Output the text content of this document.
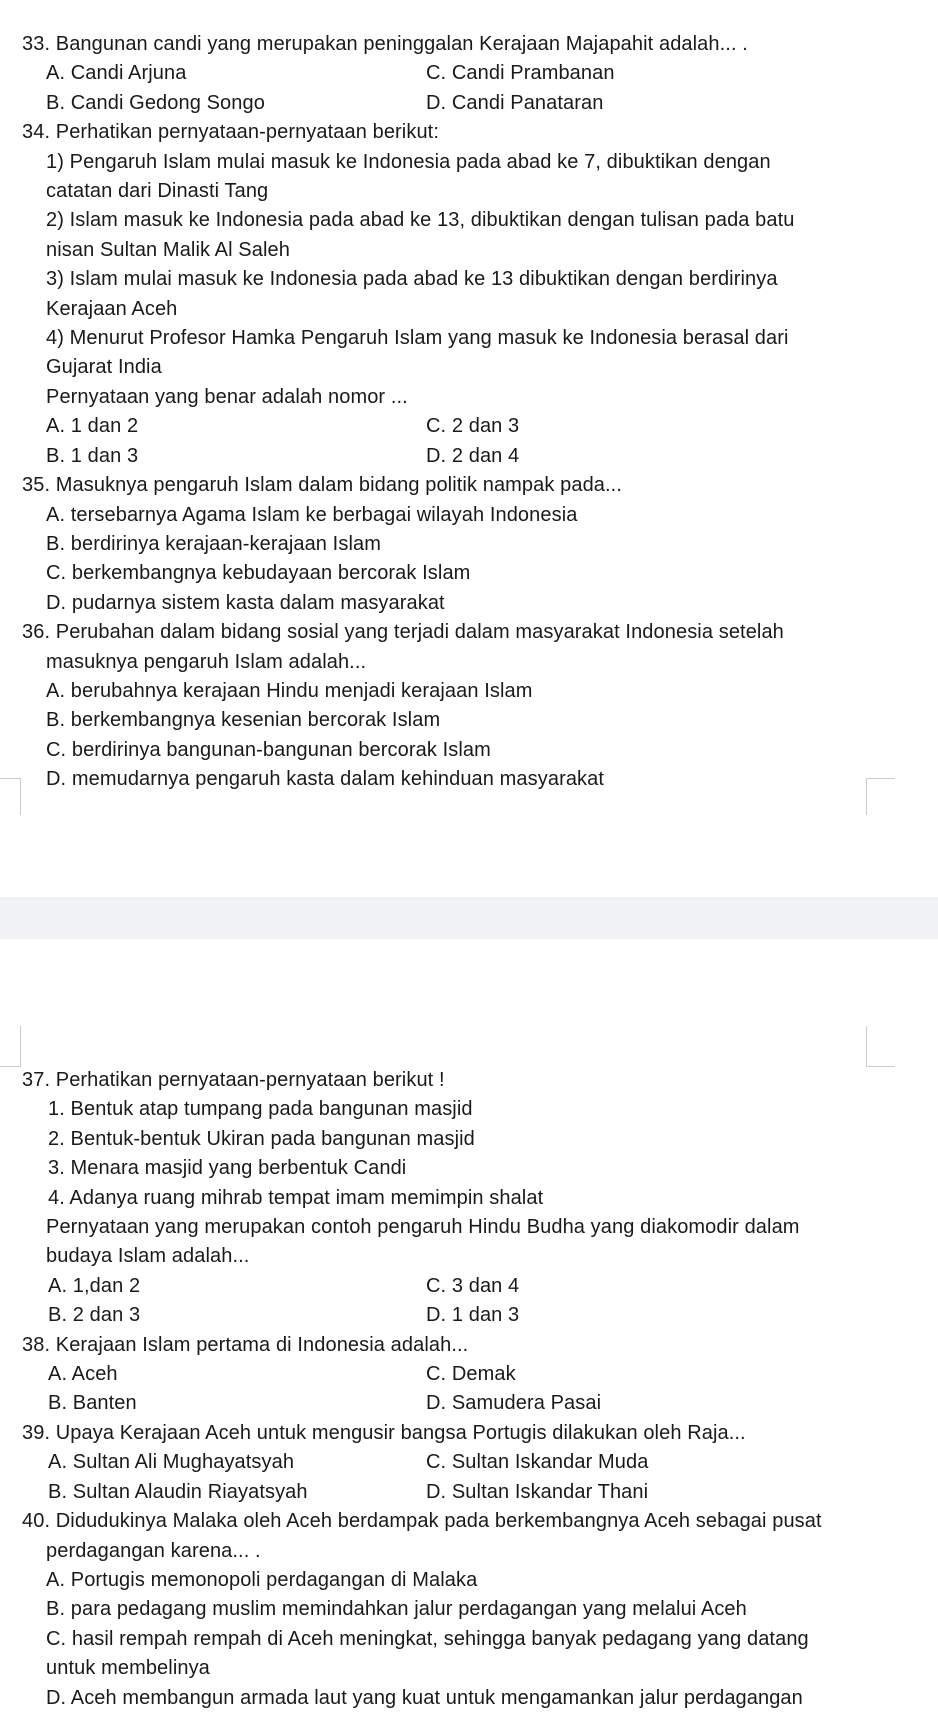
33. Bangunan candi yang merupakan peninggalan Kerajaan Majapahit adalah... .
A. Candi Arjuna	C. Candi Prambanan
B. Candi Gedong Songo	D. Candi Panataran
34. Perhatikan pernyataan-pernyataan berikut:
1) Pengaruh Islam mulai masuk ke Indonesia pada abad ke 7, dibuktikan dengan
catatan dari Dinasti Tang
2) Islam masuk ke Indonesia pada abad ke 13, dibuktikan dengan tulisan pada batu
nisan Sultan Malik Al Saleh
3) Islam mulai masuk ke Indonesia pada abad ke 13 dibuktikan dengan berdirinya
Kerajaan Aceh
4) Menurut Profesor Hamka Pengaruh Islam yang masuk ke Indonesia berasal dari
Gujarat India
Pernyataan yang benar adalah nomor ...
A. 1 dan 2	C. 2 dan 3
B. 1 dan 3	D. 2 dan 4
35. Masuknya pengaruh Islam dalam bidang politik nampak pada...
A. tersebarnya Agama Islam ke berbagai wilayah Indonesia
B. berdirinya kerajaan-kerajaan Islam
C. berkembangnya kebudayaan bercorak Islam
D. pudarnya sistem kasta dalam masyarakat
36. Perubahan dalam bidang sosial yang terjadi dalam masyarakat Indonesia setelah
masuknya pengaruh Islam adalah...
A. berubahnya kerajaan Hindu menjadi kerajaan Islam
B. berkembangnya kesenian bercorak Islam
C. berdirinya bangunan-bangunan bercorak Islam
D. memudarnya pengaruh kasta dalam kehinduan masyarakat
37. Perhatikan pernyataan-pernyataan berikut !
1. Bentuk atap tumpang pada bangunan masjid
2. Bentuk-bentuk Ukiran pada bangunan masjid
3. Menara masjid yang berbentuk Candi
4. Adanya ruang mihrab tempat imam memimpin shalat
Pernyataan yang merupakan contoh pengaruh Hindu Budha yang diakomodir dalam
budaya Islam adalah...
A. 1,dan 2	C. 3 dan 4
B. 2 dan 3	D. 1 dan 3
38. Kerajaan Islam pertama di Indonesia adalah...
A. Aceh	C. Demak
B. Banten	D. Samudera Pasai
39. Upaya Kerajaan Aceh untuk mengusir bangsa Portugis dilakukan oleh Raja...
A. Sultan Ali Mughayatsyah	C. Sultan Iskandar Muda
B. Sultan Alaudin Riayatsyah	D. Sultan Iskandar Thani
40. Didudukinya Malaka oleh Aceh berdampak pada berkembangnya Aceh sebagai pusat
perdagangan karena... .
A. Portugis memonopoli perdagangan di Malaka
B. para pedagang muslim memindahkan jalur perdagangan yang melalui Aceh
C. hasil rempah rempah di Aceh meningkat, sehingga banyak pedagang yang datang
untuk membelinya
D. Aceh membangun armada laut yang kuat untuk mengamankan jalur perdagangan
